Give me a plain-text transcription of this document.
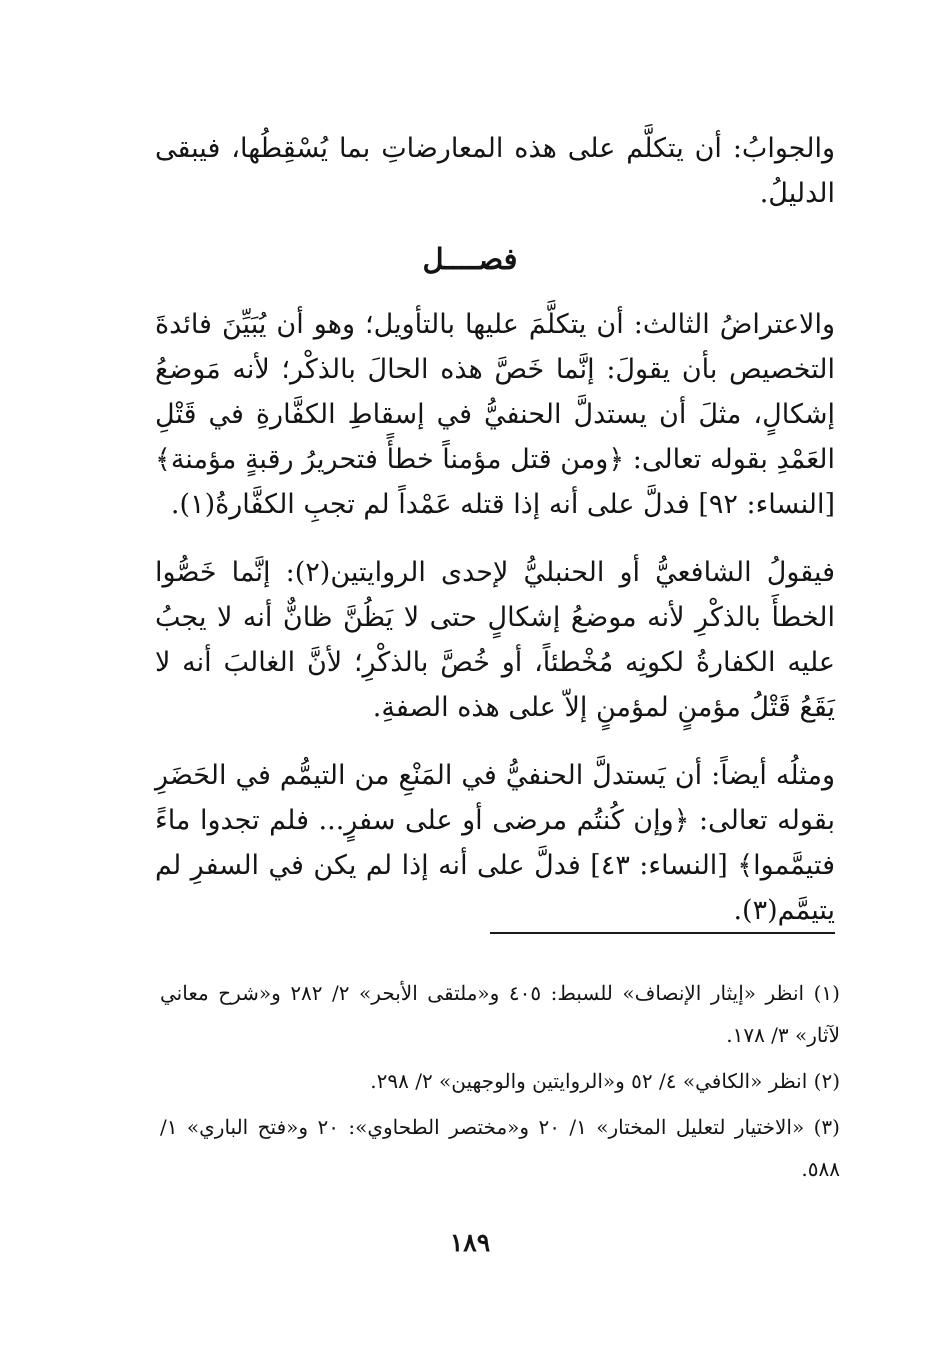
والجوابُ: أن يتكلَّم على هذه المعارضاتِ بما يُسْقِطُها، فيبقى الدليلُ.

فصــــل

والاعتراضُ الثالث: أن يتكلَّمَ عليها بالتأويل؛ وهو أن يُبَيِّنَ فائدةَ التخصيص بأن يقولَ: إنَّما خَصَّ هذه الحالَ بالذكْر؛ لأنه مَوضعُ إشكالٍ، مثلَ أن يستدلَّ الحنفيُّ في إسقاطِ الكفَّارةِ في قَتْلِ العَمْدِ بقوله تعالى: ﴿ومن قتل مؤمناً خطأً فتحريرُ رقبةٍ مؤمنة﴾ [النساء: ٩٢] فدلَّ على أنه إذا قتله عَمْداً لم تجبِ الكفَّارةُ(١).

فيقولُ الشافعيُّ أو الحنبليُّ لإحدى الروايتين(٢): إنَّما خَصُّوا الخطأَ بالذكْرِ لأنه موضعُ إشكالٍ حتى لا يَظُنَّ ظانٌّ أنه لا يجبُ عليه الكفارةُ لكونِه مُخْطئاً، أو خُصَّ بالذكْرِ؛ لأنَّ الغالبَ أنه لا يَقَعُ قَتْلُ مؤمنٍ لمؤمنٍ إلاّ على هذه الصفةِ.

ومثلُه أيضاً: أن يَستدلَّ الحنفيُّ في المَنْعِ من التيمُّم في الحَضَرِ بقوله تعالى: ﴿وإن كُنتُم مرضى أو على سفرٍ... فلم تجدوا ماءً فتيمَّموا﴾ [النساء: ٤٣] فدلَّ على أنه إذا لم يكن في السفرِ لم يتيمَّم(٣).

(١) انظر «إيثار الإنصاف» للسبط: ٤٠٥ و«ملتقى الأبحر» ٢/ ٢٨٢ و«شرح معاني لآثار» ٣/ ١٧٨.

(٢) انظر «الكافي» ٤/ ٥٢ و«الروايتين والوجهين» ٢/ ٢٩٨.

(٣) «الاختيار لتعليل المختار» ١/ ٢٠ و«مختصر الطحاوي»: ٢٠ و«فتح الباري» ١/ ٥٨٨.

١٨٩
